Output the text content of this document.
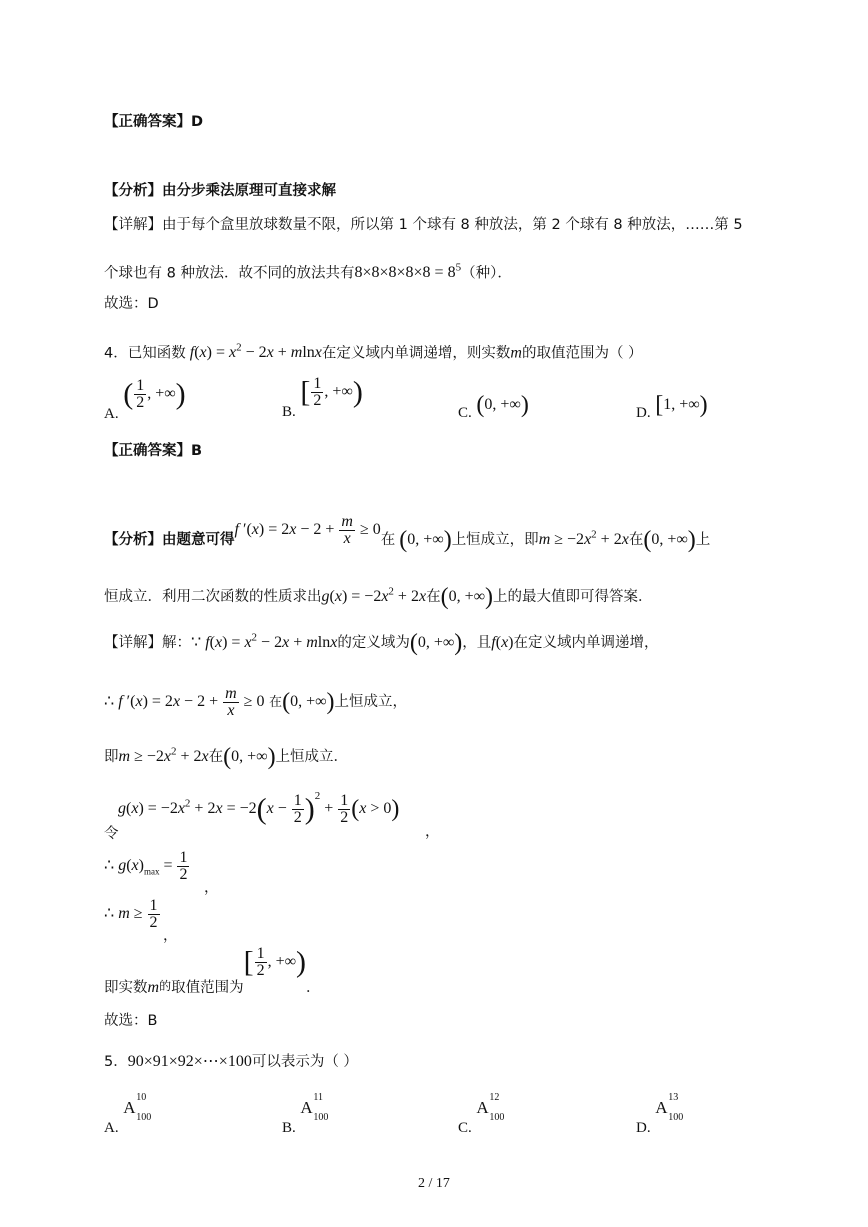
【正确答案】D
【分析】由分步乘法原理可直接求解
【详解】由于每个盒里放球数量不限，所以第 1 个球有 8 种放法，第 2 个球有 8 种放法，……第 5
个球也有 8 种放法．故不同的放法共有$8\times 8\times 8\times 8\times 8 = 8^5$（种）．
故选：D
4．已知函数 $f(x) = x^2 - 2x + mlnx$在定义域内单调递增，则实数m的取值范围为（ ）
A. ( $\frac{1}{2}$ , +∞)
B. [ $\frac{1}{2}$ , +∞)
C. (0, +∞)	D. [1, +∞)
【正确答案】B
【分析】由题意可得f $'(x) = 2x - 2 + \frac{m}{x} \ge 0$在 (0, +∞)上恒成立，即$m \ge -2x^2 + 2x$在(0, +∞)上
恒成立．利用二次函数的性质求出$g(x) = -2x^2 + 2x$在(0, +∞)上的最大值即可得答案．
【详解】解：∵ $f(x) = x^2 - 2x + mlnx$的定义域为(0, +∞)，且f(x)在定义域内单调递增，
∴ f $'(x) = 2x - 2 + \frac{m}{x} \ge 0$ 在(0, +∞)上恒成立，
即$m \ge -2x^2 + 2x$在(0, +∞)上恒成立．
令
$g(x) = -2x^2 + 2x = -2(x - \frac{1}{2} )^2 + \frac{1}{2} (x > 0)$
，
∴ $g(x)_{max} = \frac{1}{2}$
，
∴ $m \ge \frac{1}{2}$
，
即实数$m_的$取值范围为[ $\frac{1}{2}$ , +∞)．
故选：B
5．90×91×92×⋯×100可以表示为（ ）
A.
A
10
100
B.
A
11
100
C.
A
12
100
D.
A
13
100
2 / 17
